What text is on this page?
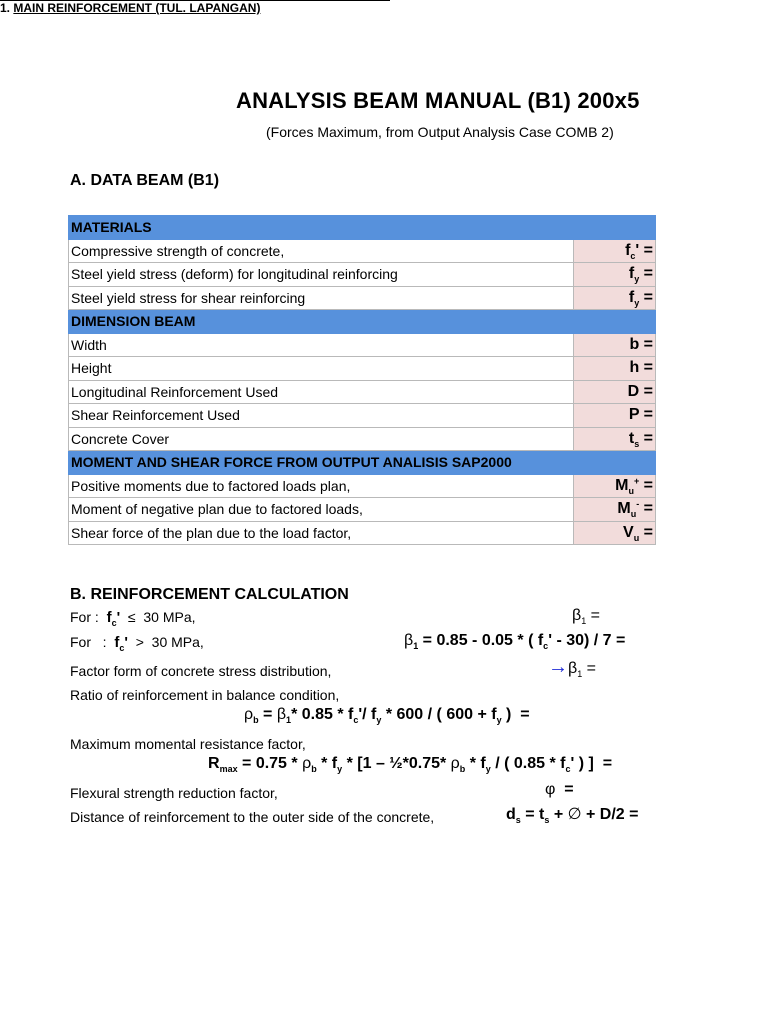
ANALYSIS BEAM MANUAL (B1) 200x5
(Forces Maximum, from Output Analysis Case COMB 2)
A. DATA BEAM (B1)
MATERIALS	
Compressive strength of concrete,	$f_c'$ =
Steel yield stress (deform) for longitudinal reinforcing	$f_y$ =
Steel yield stress for shear reinforcing	$f_y$ =
DIMENSION BEAM	
Width	b =
Height	h =
Longitudinal Reinforcement Used	D =
Shear Reinforcement Used	P =
Concrete Cover	$t_s$ =
MOMENT AND SHEAR FORCE FROM OUTPUT ANALISIS SAP2000	
Positive moments due to factored loads plan,	$M_u^+$ =
Moment of negative plan due to factored loads,	$M_u^-$ =
Shear force of the plan due to the load factor,	$V_u$ =
B. REINFORCEMENT CALCULATION
For :  $f_c' \le 30$ MPa,	$\beta_1$ =
For   :  $f_c' > 30$ MPa,	$\beta_1 = 0.85 - 0.05$ * ( $f_c' - 30) / 7$ =
Factor form of concrete stress distribution,	$\to\beta_1$ =
Ratio of reinforcement in balance condition,
$\rho_b = \beta_1*$ $0.85 * f_c'/$ $f_y * 600$ / ( $600 + f_y$ )  =
Maximum momental resistance factor,
$R_{max} = 0.75 * \rho_b * f_y * [1$ – ½*0.75* $\rho_b * f_y$ / ( $0.85 * f_c'$ ) ]  =
Flexural strength reduction factor,	φ  =
Distance of reinforcement to the outer side of the concrete,	$d_s = t_s$ + ∅ + D/2 =
1. MAIN REINFORCEMENT (TUL. LAPANGAN)
